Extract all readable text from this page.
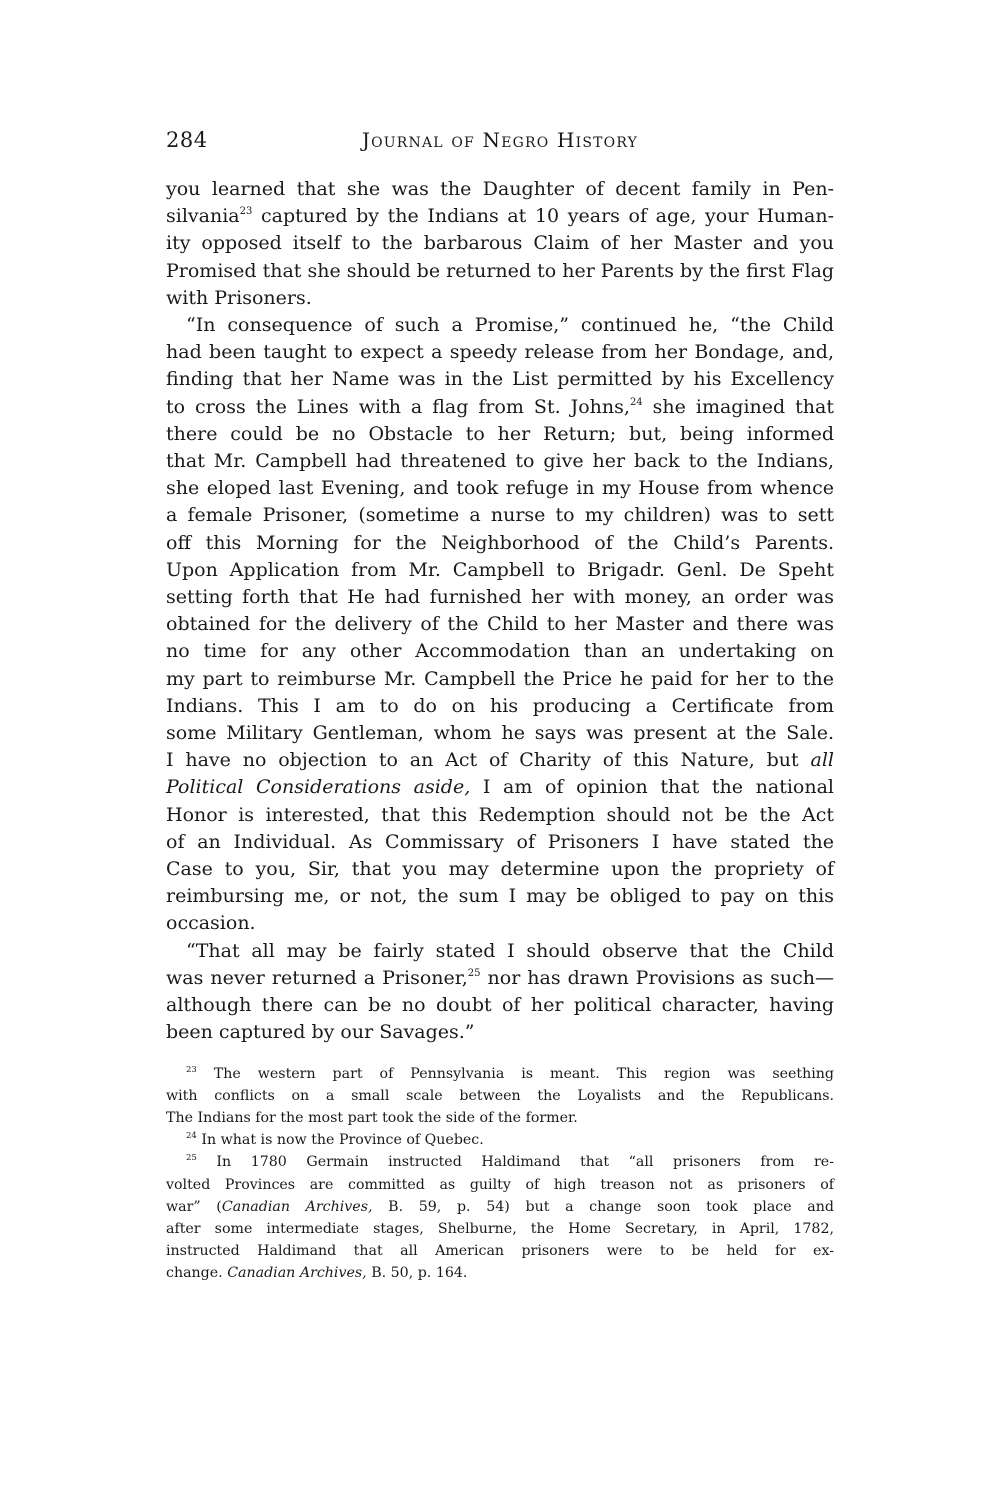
284	Journal of Negro History

you learned that she was the Daughter of decent family in Pen-
silvania$^{23}$ captured by the Indians at 10 years of age, your Human-
ity opposed itself to the barbarous Claim of her Master and you
Promised that she should be returned to her Parents by the first Flag
with Prisoners.

“In consequence of such a Promise,” continued he, “the Child
had been taught to expect a speedy release from her Bondage, and,
finding that her Name was in the List permitted by his Excellency
to cross the Lines with a flag from St. Johns,$^{24}$ she imagined that
there could be no Obstacle to her Return; but, being informed
that Mr. Campbell had threatened to give her back to the Indians,
she eloped last Evening, and took refuge in my House from whence
a female Prisoner, (sometime a nurse to my children) was to sett
off this Morning for the Neighborhood of the Child’s Parents.
Upon Application from Mr. Campbell to Brigadr. Genl. De Speht
setting forth that He had furnished her with money, an order was
obtained for the delivery of the Child to her Master and there was
no time for any other Accommodation than an undertaking on
my part to reimburse Mr. Campbell the Price he paid for her to the
Indians. This I am to do on his producing a Certificate from
some Military Gentleman, whom he says was present at the Sale.
I have no objection to an Act of Charity of this Nature, but all
Political Considerations aside, I am of opinion that the national
Honor is interested, that this Redemption should not be the Act
of an Individual. As Commissary of Prisoners I have stated the
Case to you, Sir, that you may determine upon the propriety of
reimbursing me, or not, the sum I may be obliged to pay on this
occasion.

“That all may be fairly stated I should observe that the Child
was never returned a Prisoner,$^{25}$ nor has drawn Provisions as such—
although there can be no doubt of her political character, having
been captured by our Savages.”

$^{23}$ The western part of Pennsylvania is meant. This region was seething
with conflicts on a small scale between the Loyalists and the Republicans.
The Indians for the most part took the side of the former.

$^{24}$ In what is now the Province of Quebec.

$^{25}$ In 1780 Germain instructed Haldimand that “all prisoners from re-
volted Provinces are committed as guilty of high treason not as prisoners of
war” (Canadian Archives, B. 59, p. 54) but a change soon took place and
after some intermediate stages, Shelburne, the Home Secretary, in April, 1782,
instructed Haldimand that all American prisoners were to be held for ex-
change. Canadian Archives, B. 50, p. 164.
